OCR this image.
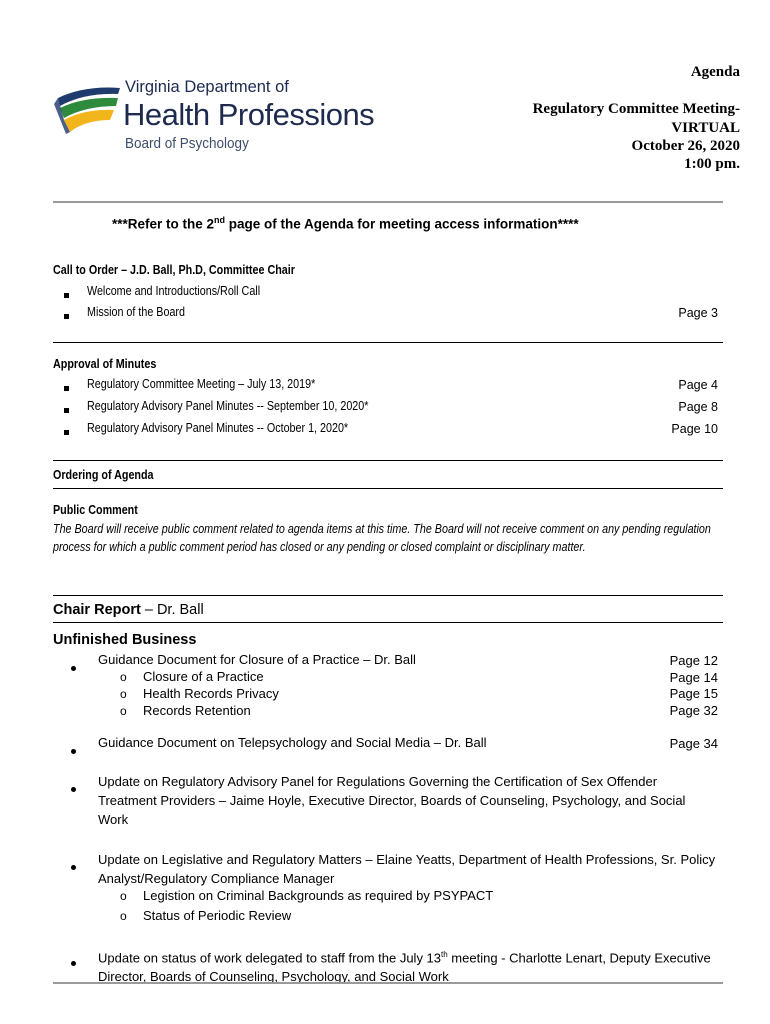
Virginia Department of
Health Professions
Board of Psychology
Agenda
Regulatory Committee Meeting-
VIRTUAL
October 26, 2020
1:00 pm.
***Refer to the 2nd page of the Agenda for meeting access information****
Call to Order – J.D. Ball, Ph.D, Committee Chair
Welcome and Introductions/Roll Call
Mission of the Board	Page 3
Approval of Minutes
Regulatory Committee Meeting – July 13, 2019*	Page 4
Regulatory Advisory Panel Minutes -- September 10, 2020*	Page 8
Regulatory Advisory Panel Minutes -- October 1, 2020*	Page 10
Ordering of Agenda
Public Comment
The Board will receive public comment related to agenda items at this time. The Board will not receive comment on any pending regulation process for which a public comment period has closed or any pending or closed complaint or disciplinary matter.
Chair Report – Dr. Ball
Unfinished Business
Guidance Document for Closure of a Practice – Dr. Ball	Page 12
o Closure of a Practice	Page 14
o Health Records Privacy	Page 15
o Records Retention	Page 32
Guidance Document on Telepsychology and Social Media – Dr. Ball	Page 34
Update on Regulatory Advisory Panel for Regulations Governing the Certification of Sex Offender Treatment Providers – Jaime Hoyle, Executive Director, Boards of Counseling, Psychology, and Social Work
Update on Legislative and Regulatory Matters – Elaine Yeatts, Department of Health Professions, Sr. Policy Analyst/Regulatory Compliance Manager
o Legistion on Criminal Backgrounds as required by PSYPACT
o Status of Periodic Review
Update on status of work delegated to staff from the July 13th meeting - Charlotte Lenart, Deputy Executive Director, Boards of Counseling, Psychology, and Social Work
